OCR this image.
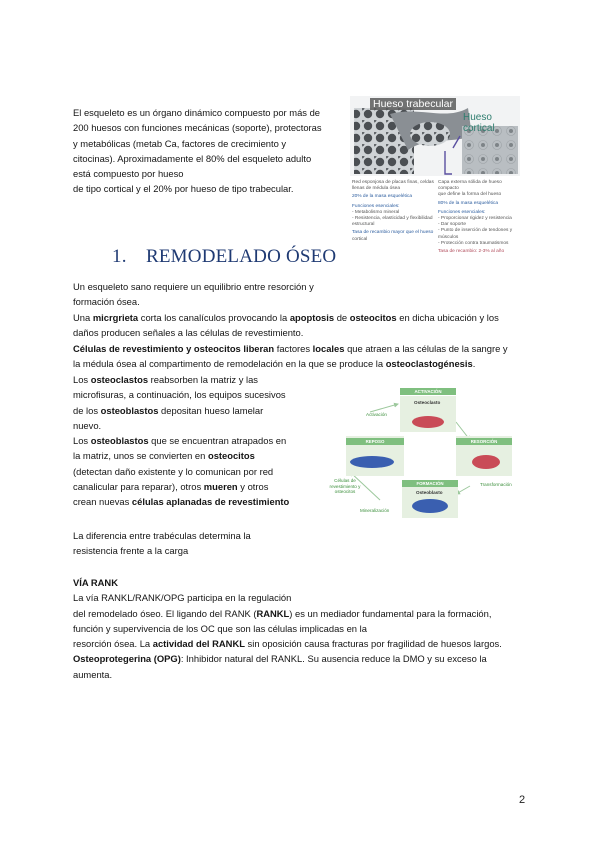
El esqueleto es un órgano dinámico compuesto por más de
200 huesos con funciones mecánicas (soporte), protectoras
y metabólicas (metab Ca, factores de crecimiento y
citocinas). Aproximadamente el 80% del esqueleto adulto
está compuesto por hueso
de tipo cortical y el 20% por hueso de tipo trabecular.
Hueso trabecular
Hueso cortical
Red esponjosa de placas finas, celdas
llenas de médula ósea
20% de la masa esquelética
Funciones esenciales:
- Metabolismo mineral
- Resistencia, elasticidad y flexibilidad
estructural
Tasa de recambio mayor que el hueso
cortical
Capa externa sólida de hueso compacto
que define la forma del hueso
80% de la masa esquelética
Funciones esenciales:
- Proporcionar rigidez y resistencia
- Dar soporte
- Punto de inserción de tendones y
músculos
- Protección contra traumatismos
Tasa de recambio: 2-3% al año
1. REMODELADO ÓSEO
Un esqueleto sano requiere un equilibrio entre resorción y
formación ósea.
Una micrgrieta corta los canalículos provocando la apoptosis de osteocitos en dicha ubicación y los
daños producen señales a las células de revestimiento.
Células de revestimiento y osteocitos liberan factores locales que atraen a las células de la sangre y
la médula ósea al compartimento de remodelación en la que se produce la osteoclastogénesis.
Los osteoclastos reabsorben la matriz y las
microfisuras, a continuación, los equipos sucesivos
de los osteoblastos depositan hueso lamelar
nuevo.
Los osteoblastos que se encuentran atrapados en
la matriz, unos se convierten en osteocitos
(detectan daño existente y lo comunican por red
canalicular para reparar), otros mueren y otros
crean nuevas células aplanadas de revestimiento
La diferencia entre trabéculas determina la
resistencia frente a la carga
ACTIVACIÓN
REPOSO	RESORCIÓN
FORMACIÓN
Osteoclasto
Osteoblasto
Activación
Transformación
Mineralización
Células de revestimiento y osteocitos
VÍA RANK
La vía RANKL/RANK/OPG participa en la regulación
del remodelado óseo. El ligando del RANK (RANKL) es un mediador fundamental para la formación,
función y supervivencia de los OC que son las células implicadas en la
resorción ósea. La actividad del RANKL sin oposición causa fracturas por fragilidad de huesos largos.
Osteoprotegerina (OPG): Inhibidor natural del RANKL. Su ausencia reduce la DMO y su exceso la
aumenta.
2
